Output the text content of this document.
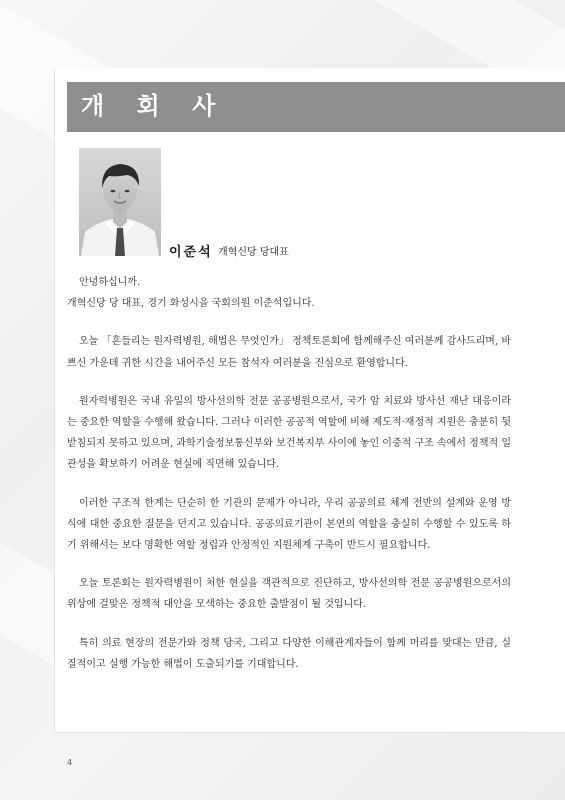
개 회 사
이준석 개혁신당 당대표

안녕하십니까.
개혁신당 당 대표, 경기 화성시을 국회의원 이준석입니다.

오늘 「흔들리는 원자력병원, 해법은 무엇인가」 정책토론회에 함께해주신 여러분께 감사드리며, 바쁘신 가운데 귀한 시간을 내어주신 모든 참석자 여러분을 진심으로 환영합니다.

원자력병원은 국내 유일의 방사선의학 전문 공공병원으로서, 국가 암 치료와 방사선 재난 대응이라는 중요한 역할을 수행해 왔습니다. 그러나 이러한 공공적 역할에 비해 제도적·재정적 지원은 충분히 뒷받침되지 못하고 있으며, 과학기술정보통신부와 보건복지부 사이에 놓인 이중적 구조 속에서 정책적 일관성을 확보하기 어려운 현실에 직면해 있습니다.

이러한 구조적 한계는 단순히 한 기관의 문제가 아니라, 우리 공공의료 체계 전반의 설계와 운영 방식에 대한 중요한 질문을 던지고 있습니다. 공공의료기관이 본연의 역할을 충실히 수행할 수 있도록 하기 위해서는 보다 명확한 역할 정립과 안정적인 지원체계 구축이 반드시 필요합니다.

오늘 토론회는 원자력병원이 처한 현실을 객관적으로 진단하고, 방사선의학 전문 공공병원으로서의 위상에 걸맞은 정책적 대안을 모색하는 중요한 출발점이 될 것입니다.

특히 의료 현장의 전문가와 정책 당국, 그리고 다양한 이해관계자들이 함께 머리를 맞대는 만큼, 실질적이고 실행 가능한 해법이 도출되기를 기대합니다.

4
